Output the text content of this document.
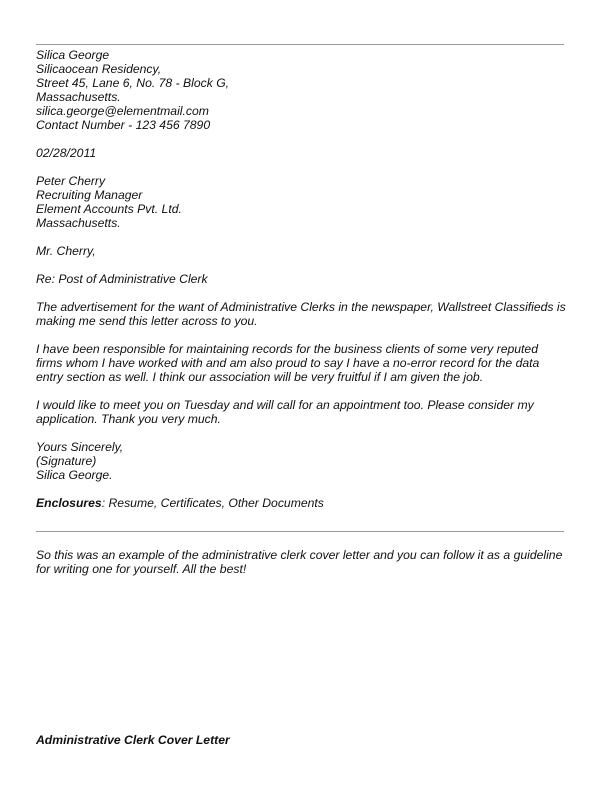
Silica George
Silicaocean Residency,
Street 45, Lane 6, No. 78 - Block G,
Massachusetts.
silica.george@elementmail.com
Contact Number - 123 456 7890
02/28/2011
Peter Cherry
Recruiting Manager
Element Accounts Pvt. Ltd.
Massachusetts.
Mr. Cherry,
Re: Post of Administrative Clerk
The advertisement for the want of Administrative Clerks in the newspaper, Wallstreet Classifieds is making me send this letter across to you.
I have been responsible for maintaining records for the business clients of some very reputed firms whom I have worked with and am also proud to say I have a no-error record for the data entry section as well. I think our association will be very fruitful if I am given the job.
I would like to meet you on Tuesday and will call for an appointment too. Please consider my application. Thank you very much.
Yours Sincerely,
(Signature)
Silica George.
Enclosures: Resume, Certificates, Other Documents
So this was an example of the administrative clerk cover letter and you can follow it as a guideline for writing one for yourself. All the best!
Administrative Clerk Cover Letter
